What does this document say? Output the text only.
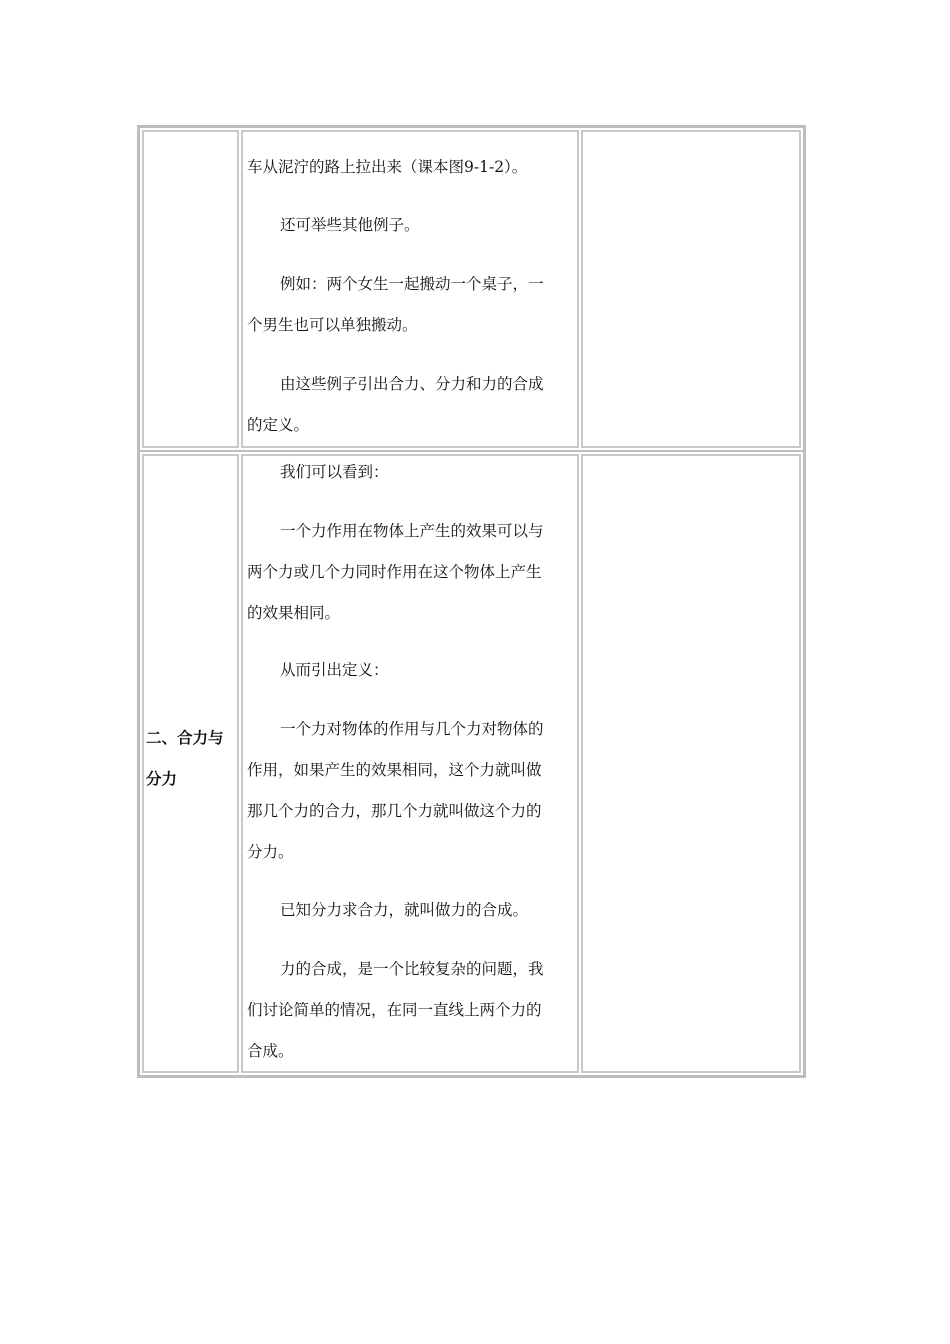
车从泥泞的路上拉出来（课本图9-1-2）。
还可举些其他例子。
例如：两个女生一起搬动一个桌子，一
个男生也可以单独搬动。
由这些例子引出合力、分力和力的合成
的定义。
二、合力与
分力
我们可以看到：
一个力作用在物体上产生的效果可以与
两个力或几个力同时作用在这个物体上产生
的效果相同。
从而引出定义：
一个力对物体的作用与几个力对物体的
作用，如果产生的效果相同，这个力就叫做
那几个力的合力，那几个力就叫做这个力的
分力。
已知分力求合力，就叫做力的合成。
力的合成，是一个比较复杂的问题，我
们讨论简单的情况，在同一直线上两个力的
合成。
